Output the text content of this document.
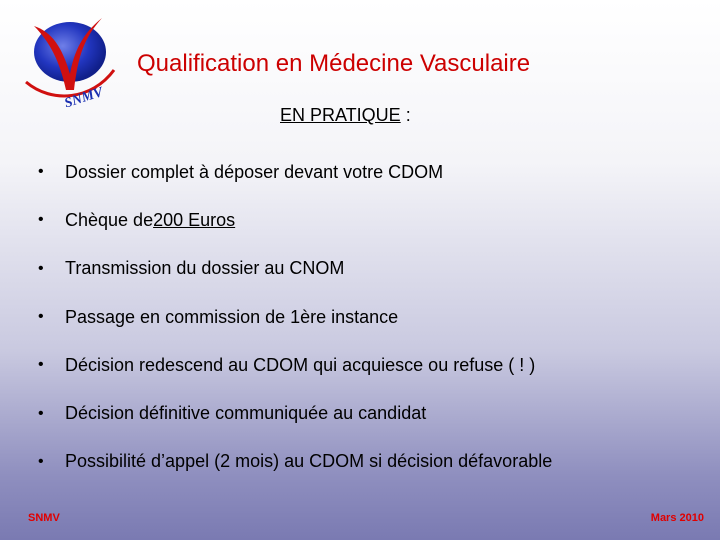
SNMV
Qualification en Médecine Vasculaire
EN PRATIQUE :
•	Dossier complet à déposer devant votre CDOM
•	Chèque de 200 Euros
•	Transmission du dossier au CNOM
•	Passage en commission de 1ère instance
•	Décision redescend au CDOM qui acquiesce ou refuse ( ! )
•	Décision définitive communiquée au candidat
•	Possibilité d’appel (2 mois) au CDOM si décision défavorable
SNMV	Mars 2010
